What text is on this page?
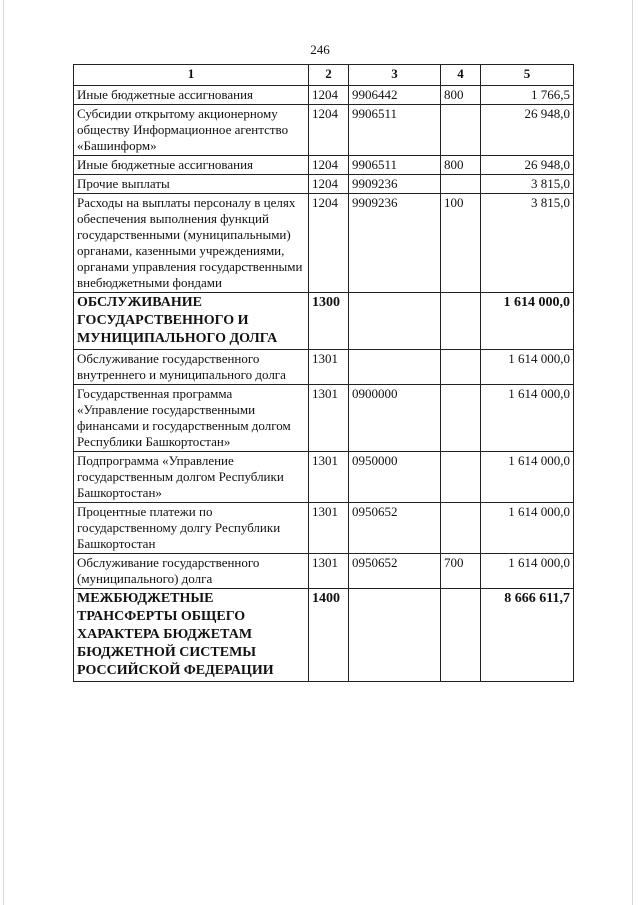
246
1	2	3	4	5
Иные бюджетные ассигнования	1204	9906442	800	1 766,5
Субсидии открытому акционерному обществу Информационное агентство «Башинформ»	1204	9906511		26 948,0
Иные бюджетные ассигнования	1204	9906511	800	26 948,0
Прочие выплаты	1204	9909236		3 815,0
Расходы на выплаты персоналу в целях обеспечения выполнения функций государственными (муниципальными) органами, казенными учреждениями, органами управления государственными внебюджетными фондами	1204	9909236	100	3 815,0
ОБСЛУЖИВАНИЕ ГОСУДАРСТВЕННОГО И МУНИЦИПАЛЬНОГО ДОЛГА	1300			1 614 000,0
Обслуживание государственного внутреннего и муниципального долга	1301			1 614 000,0
Государственная программа «Управление государственными финансами и государственным долгом Республики Башкортостан»	1301	0900000		1 614 000,0
Подпрограмма «Управление государственным долгом Республики Башкортостан»	1301	0950000		1 614 000,0
Процентные платежи по государственному долгу Республики Башкортостан	1301	0950652		1 614 000,0
Обслуживание государственного (муниципального) долга	1301	0950652	700	1 614 000,0
МЕЖБЮДЖЕТНЫЕ ТРАНСФЕРТЫ ОБЩЕГО ХАРАКТЕРА БЮДЖЕТАМ БЮДЖЕТНОЙ СИСТЕМЫ РОССИЙСКОЙ ФЕДЕРАЦИИ	1400			8 666 611,7
